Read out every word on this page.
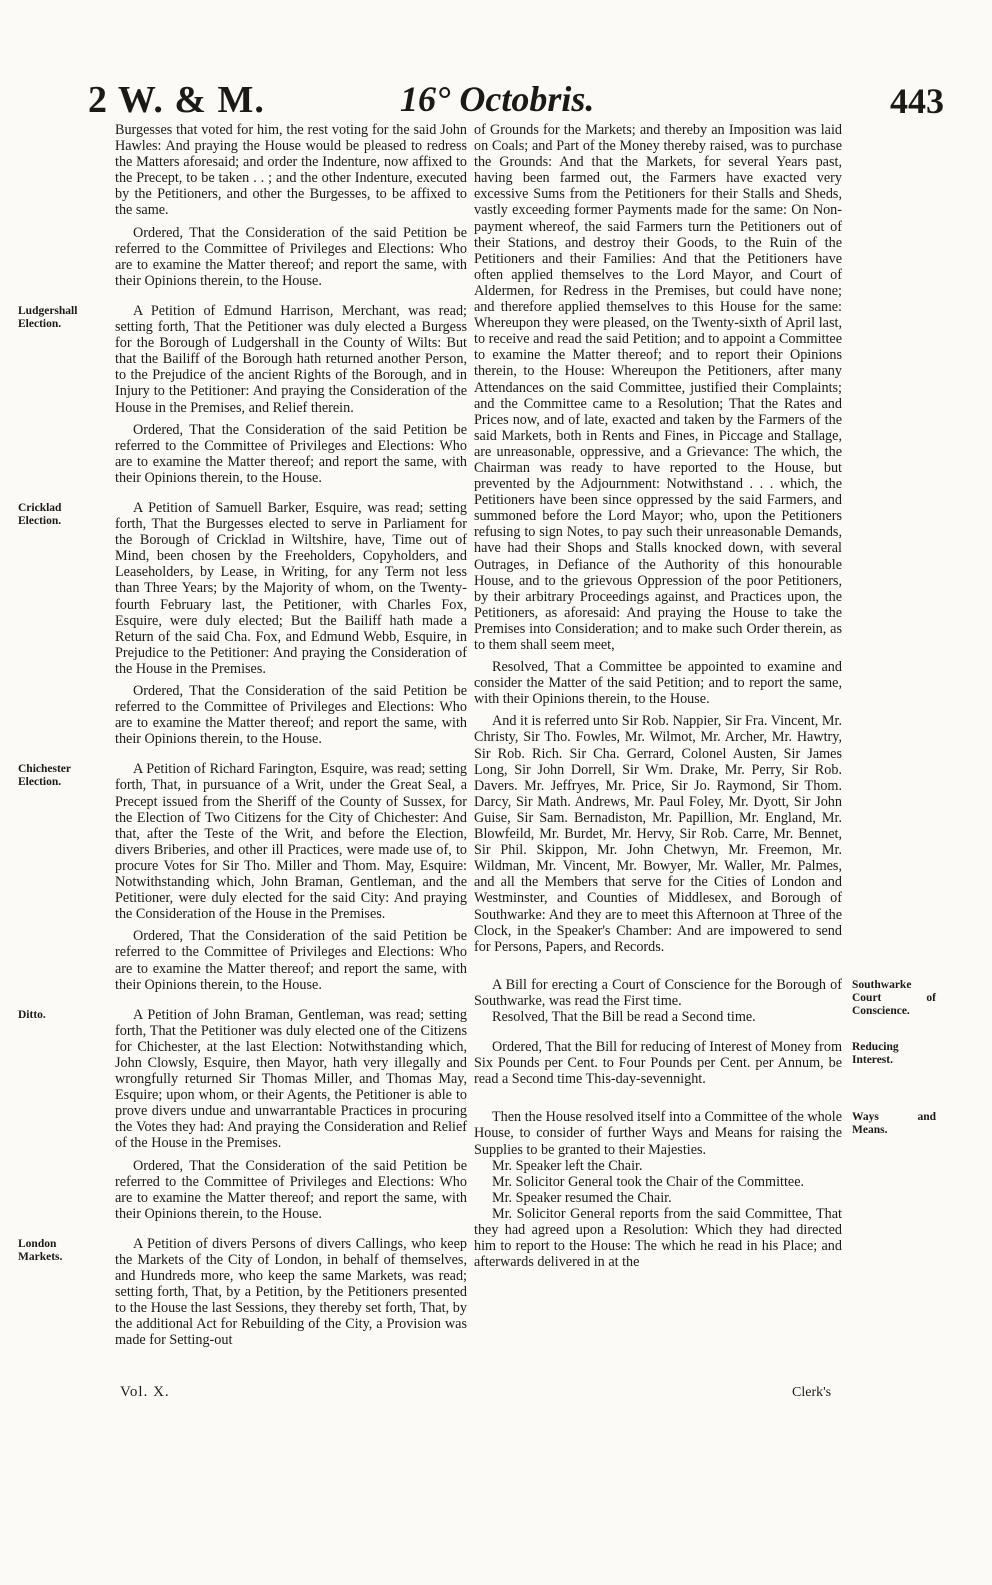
2 W. & M.	16° Octobris.	443

Burgesses that voted for him, the rest voting for the said John Hawles: And praying the House would be pleased to redress the Matters aforesaid; and order the Indenture, now affixed to the Precept, to be taken . . ; and the other Indenture, executed by the Petitioners, and other the Burgesses, to be affixed to the same.

Ordered, That the Consideration of the said Petition be referred to the Committee of Privileges and Elections: Who are to examine the Matter thereof; and report the same, with their Opinions therein, to the House.

Ludgershall Election.
A Petition of Edmund Harrison, Merchant, was read; setting forth, That the Petitioner was duly elected a Burgess for the Borough of Ludgershall in the County of Wilts: But that the Bailiff of the Borough hath returned another Person, to the Prejudice of the ancient Rights of the Borough, and in Injury to the Petitioner: And praying the Consideration of the House in the Premises, and Relief therein.

Ordered, That the Consideration of the said Petition be referred to the Committee of Privileges and Elections: Who are to examine the Matter thereof; and report the same, with their Opinions therein, to the House.

Cricklad Election.
A Petition of Samuell Barker, Esquire, was read; setting forth, That the Burgesses elected to serve in Parliament for the Borough of Cricklad in Wiltshire, have, Time out of Mind, been chosen by the Freeholders, Copyholders, and Leaseholders, by Lease, in Writing, for any Term not less than Three Years; by the Majority of whom, on the Twenty-fourth February last, the Petitioner, with Charles Fox, Esquire, were duly elected; But the Bailiff hath made a Return of the said Cha. Fox, and Edmund Webb, Esquire, in Prejudice to the Petitioner: And praying the Consideration of the House in the Premises.

Ordered, That the Consideration of the said Petition be referred to the Committee of Privileges and Elections: Who are to examine the Matter thereof; and report the same, with their Opinions therein, to the House.

Chichester Election.
A Petition of Richard Farington, Esquire, was read; setting forth, That, in pursuance of a Writ, under the Great Seal, a Precept issued from the Sheriff of the County of Sussex, for the Election of Two Citizens for the City of Chichester: And that, after the Teste of the Writ, and before the Election, divers Briberies, and other ill Practices, were made use of, to procure Votes for Sir Tho. Miller and Thom. May, Esquire: Notwithstanding which, John Braman, Gentleman, and the Petitioner, were duly elected for the said City: And praying the Consideration of the House in the Premises.

Ordered, That the Consideration of the said Petition be referred to the Committee of Privileges and Elections: Who are to examine the Matter thereof; and report the same, with their Opinions therein, to the House.

Ditto.	A Petition of John Braman, Gentleman, was read; setting forth, That the Petitioner was duly elected one of the Citizens for Chichester, at the last Election: Notwithstanding which, John Clowsly, Esquire, then Mayor, hath very illegally and wrongfully returned Sir Thomas Miller, and Thomas May, Esquire; upon whom, or their Agents, the Petitioner is able to prove divers undue and unwarrantable Practices in procuring the Votes they had: And praying the Consideration and Relief of the House in the Premises.

Ordered, That the Consideration of the said Petition be referred to the Committee of Privileges and Elections: Who are to examine the Matter thereof; and report the same, with their Opinions therein, to the House.

London Markets.
A Petition of divers Persons of divers Callings, who keep the Markets of the City of London, in behalf of themselves, and Hundreds more, who keep the same Markets, was read; setting forth, That, by a Petition, by the Petitioners presented to the House the last Sessions, they thereby set forth, That, by the additional Act for Rebuilding of the City, a Provision was made for Setting-out

of Grounds for the Markets; and thereby an Imposition was laid on Coals; and Part of the Money thereby raised, was to purchase the Grounds: And that the Markets, for several Years past, having been farmed out, the Farmers have exacted very excessive Sums from the Petitioners for their Stalls and Sheds, vastly exceeding former Payments made for the same: On Non-payment whereof, the said Farmers turn the Petitioners out of their Stations, and destroy their Goods, to the Ruin of the Petitioners and their Families: And that the Petitioners have often applied themselves to the Lord Mayor, and Court of Aldermen, for Redress in the Premises, but could have none; and therefore applied themselves to this House for the same: Whereupon they were pleased, on the Twenty-sixth of April last, to receive and read the said Petition; and to appoint a Committee to examine the Matter thereof; and to report their Opinions therein, to the House: Whereupon the Petitioners, after many Attendances on the said Committee, justified their Complaints; and the Committee came to a Resolution; That the Rates and Prices now, and of late, exacted and taken by the Farmers of the said Markets, both in Rents and Fines, in Piccage and Stallage, are unreasonable, oppressive, and a Grievance: The which, the Chairman was ready to have reported to the House, but prevented by the Adjournment: Notwithstand . . . which, the Petitioners have been since oppressed by the said Farmers, and summoned before the Lord Mayor; who, upon the Petitioners refusing to sign Notes, to pay such their unreasonable Demands, have had their Shops and Stalls knocked down, with several Outrages, in Defiance of the Authority of this honourable House, and to the grievous Oppression of the poor Petitioners, by their arbitrary Proceedings against, and Practices upon, the Petitioners, as aforesaid: And praying the House to take the Premises into Consideration; and to make such Order therein, as to them shall seem meet,

Resolved, That a Committee be appointed to examine and consider the Matter of the said Petition; and to report the same, with their Opinions therein, to the House.

And it is referred unto Sir Rob. Nappier, Sir Fra. Vincent, Mr. Christy, Sir Tho. Fowles, Mr. Wilmot, Mr. Archer, Mr. Hawtry, Sir Rob. Rich. Sir Cha. Gerrard, Colonel Austen, Sir James Long, Sir John Dorrell, Sir Wm. Drake, Mr. Perry, Sir Rob. Davers. Mr. Jeffryes, Mr. Price, Sir Jo. Raymond, Sir Thom. Darcy, Sir Math. Andrews, Mr. Paul Foley, Mr. Dyott, Sir John Guise, Sir Sam. Bernadiston, Mr. Papillion, Mr. England, Mr. Blowfeild, Mr. Burdet, Mr. Hervy, Sir Rob. Carre, Mr. Bennet, Sir Phil. Skippon, Mr. John Chetwyn, Mr. Freemon, Mr. Wildman, Mr. Vincent, Mr. Bowyer, Mr. Waller, Mr. Palmes, and all the Members that serve for the Cities of London and Westminster, and Counties of Middlesex, and Borough of Southwarke: And they are to meet this Afternoon at Three of the Clock, in the Speaker's Chamber: And are impowered to send for Persons, Papers, and Records.

Southwarke Court of Conscience.
A Bill for erecting a Court of Conscience for the Borough of Southwarke, was read the First time.

Resolved, That the Bill be read a Second time.

Reducing Interest.
Ordered, That the Bill for reducing of Interest of Money from Six Pounds per Cent. to Four Pounds per Cent. per Annum, be read a Second time This-day-sevennight.

Ways and Means.
Then the House resolved itself into a Committee of the whole House, to consider of further Ways and Means for raising the Supplies to be granted to their Majesties.

Mr. Speaker left the Chair.

Mr. Solicitor General took the Chair of the Committee.

Mr. Speaker resumed the Chair.

Mr. Solicitor General reports from the said Committee, That they had agreed upon a Resolution: Which they had directed him to report to the House: The which he read in his Place; and afterwards delivered in at the

Vol. X.	Clerk's
